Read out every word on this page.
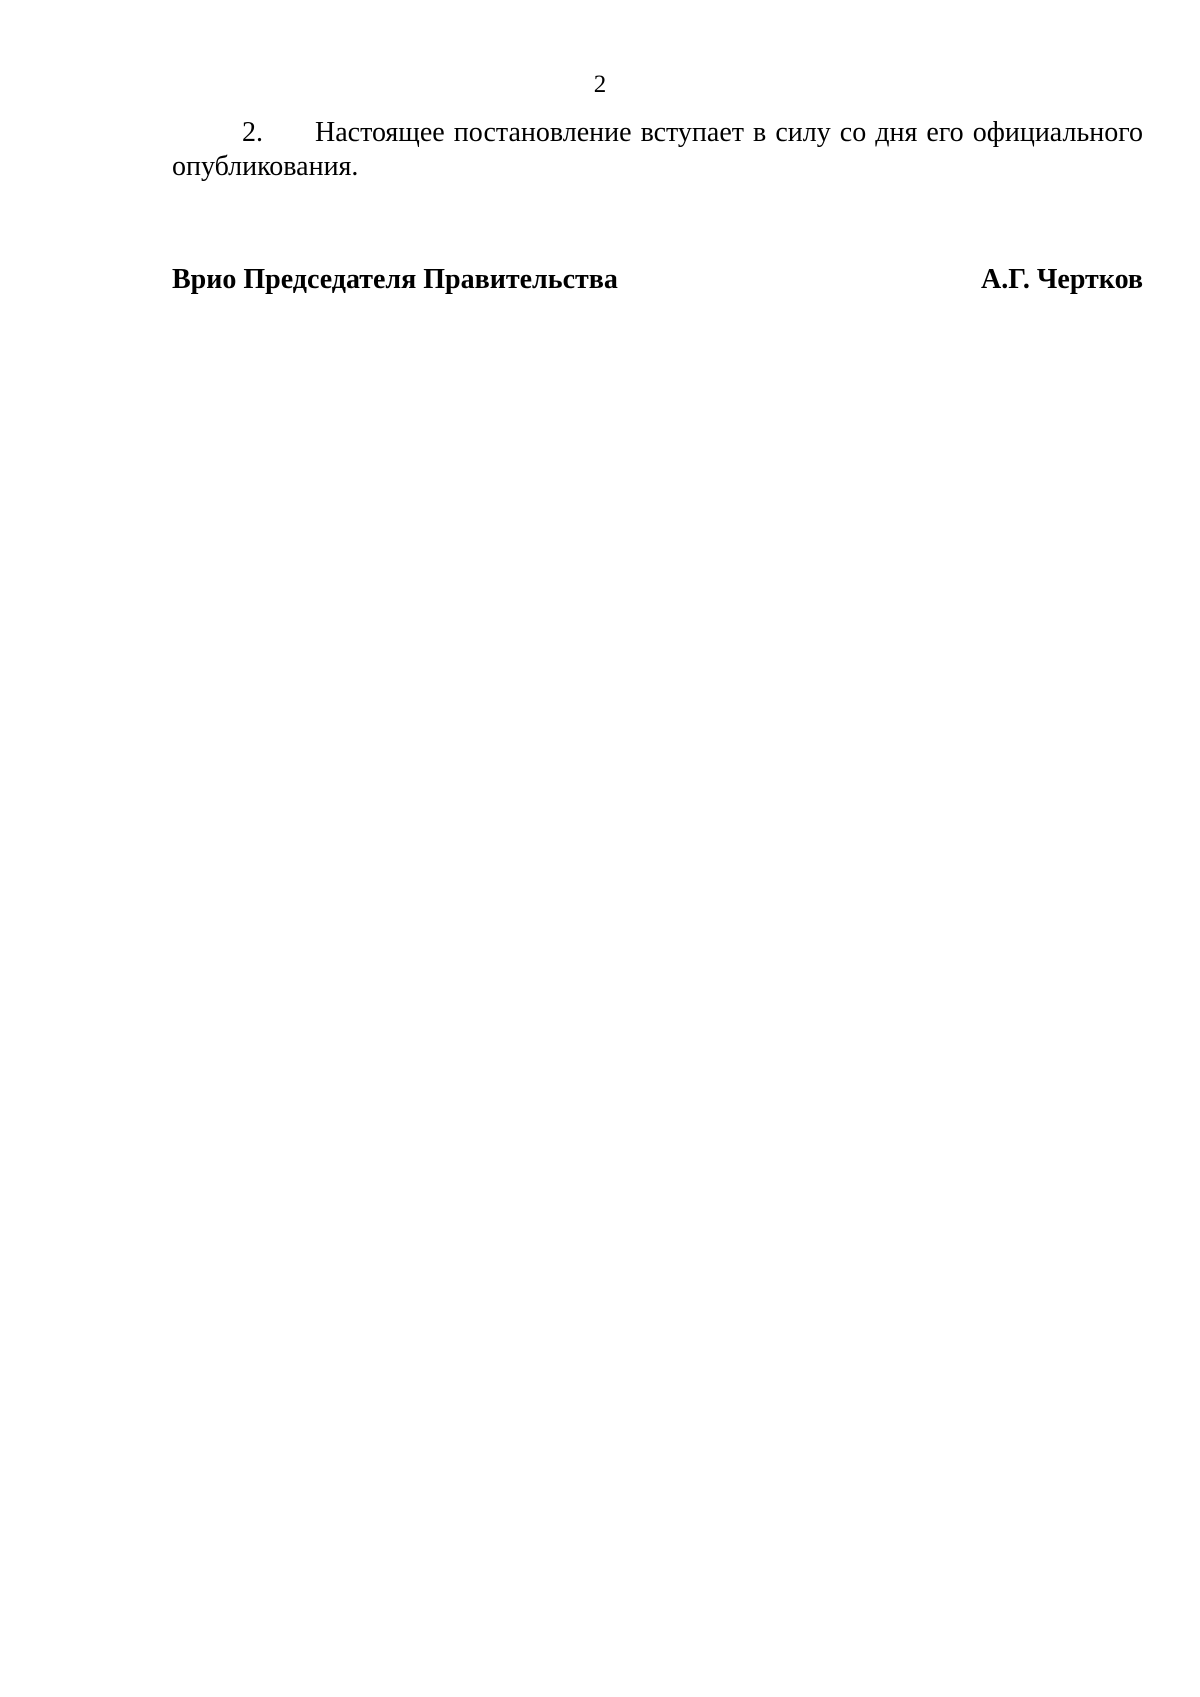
2
2. Настоящее постановление вступает в силу со дня его официального опубликования.
Врио Председателя Правительства	А.Г. Чертков
